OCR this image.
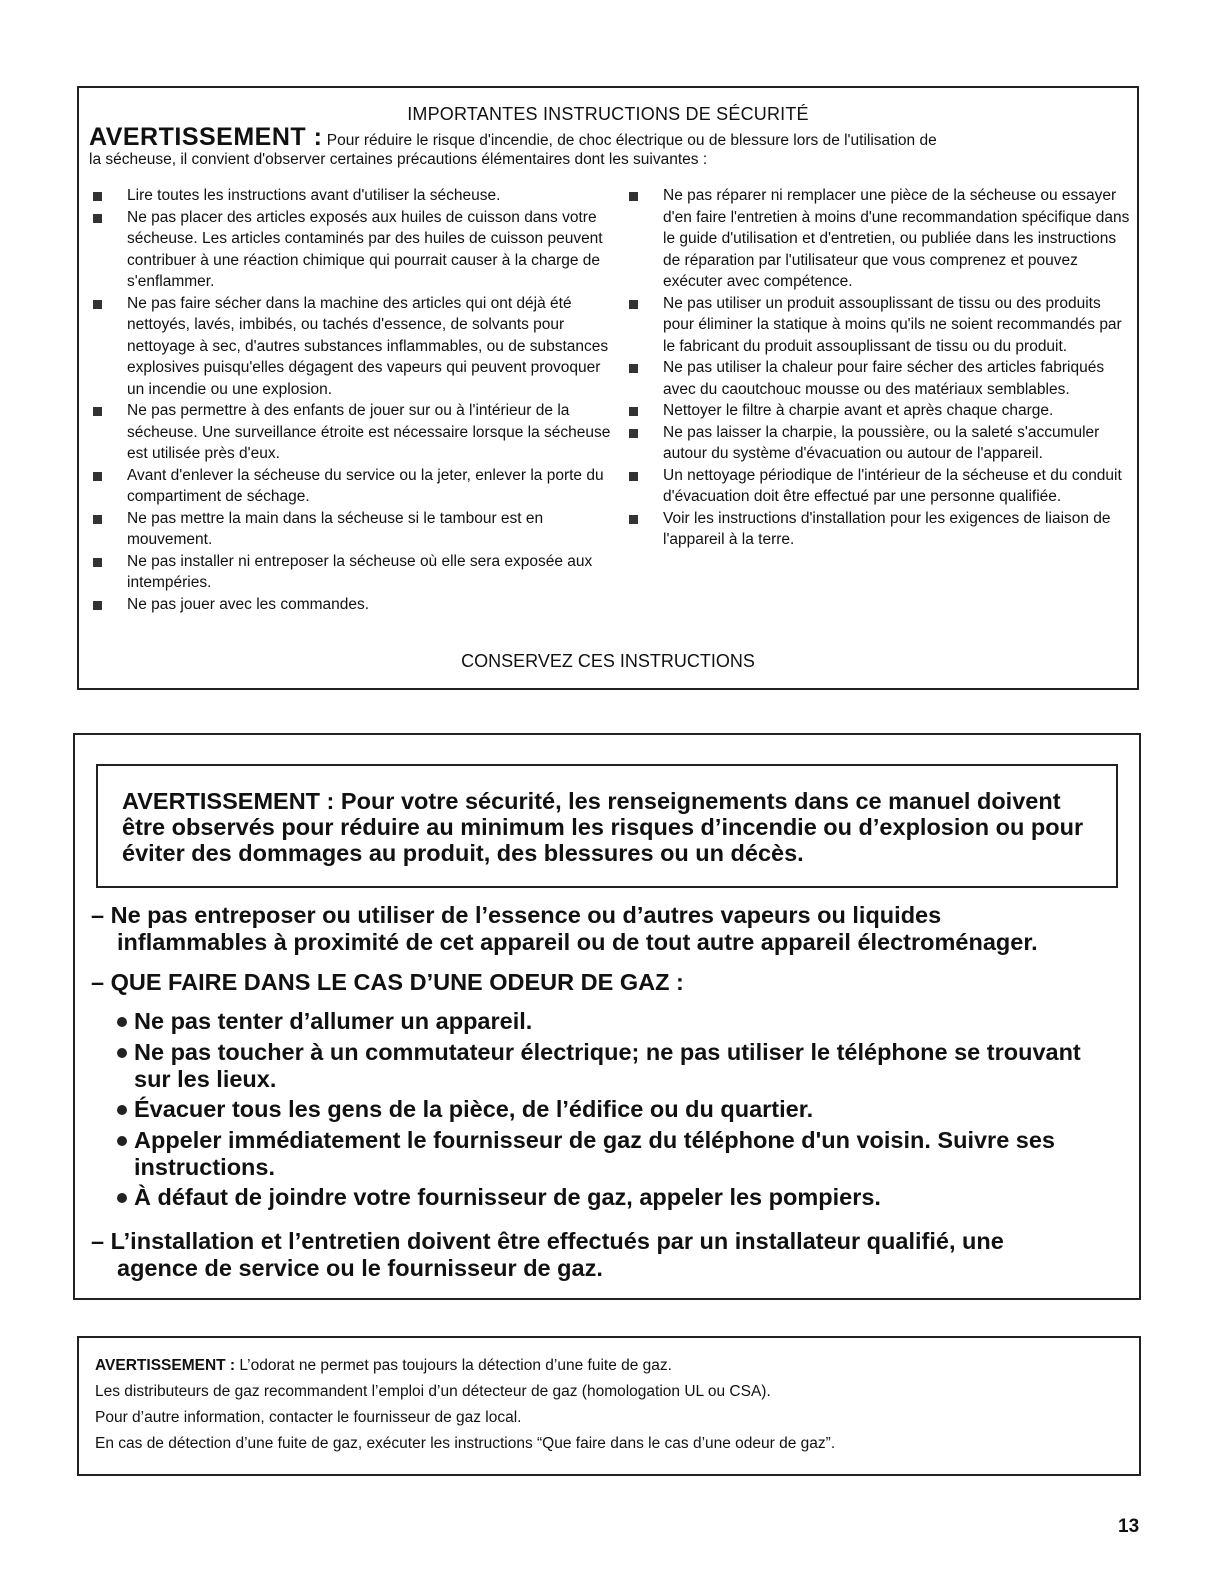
IMPORTANTES INSTRUCTIONS DE SÉCURITÉ
AVERTISSEMENT : Pour réduire le risque d'incendie, de choc électrique ou de blessure lors de l'utilisation de
la sécheuse, il convient d'observer certaines précautions élémentaires dont les suivantes :
Lire toutes les instructions avant d'utiliser la sécheuse.
Ne pas placer des articles exposés aux huiles de cuisson dans votre sécheuse. Les articles contaminés par des huiles de cuisson peuvent contribuer à une réaction chimique qui pourrait causer à la charge de s'enflammer.
Ne pas faire sécher dans la machine des articles qui ont déjà été nettoyés, lavés, imbibés, ou tachés d'essence, de solvants pour nettoyage à sec, d'autres substances inflammables, ou de substances explosives puisqu'elles dégagent des vapeurs qui peuvent provoquer un incendie ou une explosion.
Ne pas permettre à des enfants de jouer sur ou à l'intérieur de la sécheuse. Une surveillance étroite est nécessaire lorsque la sécheuse est utilisée près d'eux.
Avant d'enlever la sécheuse du service ou la jeter, enlever la porte du compartiment de séchage.
Ne pas mettre la main dans la sécheuse si le tambour est en mouvement.
Ne pas installer ni entreposer la sécheuse où elle sera exposée aux intempéries.
Ne pas jouer avec les commandes.
Ne pas réparer ni remplacer une pièce de la sécheuse ou essayer d'en faire l'entretien à moins d'une recommandation spécifique dans le guide d'utilisation et d'entretien, ou publiée dans les instructions de réparation par l'utilisateur que vous comprenez et pouvez exécuter avec compétence.
Ne pas utiliser un produit assouplissant de tissu ou des produits pour éliminer la statique à moins qu'ils ne soient recommandés par le fabricant du produit assouplissant de tissu ou du produit.
Ne pas utiliser la chaleur pour faire sécher des articles fabriqués avec du caoutchouc mousse ou des matériaux semblables.
Nettoyer le filtre à charpie avant et après chaque charge.
Ne pas laisser la charpie, la poussière, ou la saleté s'accumuler autour du système d'évacuation ou autour de l'appareil.
Un nettoyage périodique de l'intérieur de la sécheuse et du conduit d'évacuation doit être effectué par une personne qualifiée.
Voir les instructions d'installation pour les exigences de liaison de l'appareil à la terre.
CONSERVEZ CES INSTRUCTIONS

AVERTISSEMENT : Pour votre sécurité, les renseignements dans ce manuel doivent
être observés pour réduire au minimum les risques d’incendie ou d’explosion ou pour
éviter des dommages au produit, des blessures ou un décès.

– Ne pas entreposer ou utiliser de l’essence ou d’autres vapeurs ou liquides
inflammables à proximité de cet appareil ou de tout autre appareil électroménager.
– QUE FAIRE DANS LE CAS D’UNE ODEUR DE GAZ :
Ne pas tenter d’allumer un appareil.
Ne pas toucher à un commutateur électrique; ne pas utiliser le téléphone se trouvant
sur les lieux.
Évacuer tous les gens de la pièce, de l’édifice ou du quartier.
Appeler immédiatement le fournisseur de gaz du téléphone d'un voisin. Suivre ses
instructions.
À défaut de joindre votre fournisseur de gaz, appeler les pompiers.
– L’installation et l’entretien doivent être effectués par un installateur qualifié, une
agence de service ou le fournisseur de gaz.
AVERTISSEMENT : L’odorat ne permet pas toujours la détection d’une fuite de gaz.
Les distributeurs de gaz recommandent l’emploi d’un détecteur de gaz (homologation UL ou CSA).
Pour d’autre information, contacter le fournisseur de gaz local.
En cas de détection d’une fuite de gaz, exécuter les instructions “Que faire dans le cas d’une odeur de gaz”.
13
